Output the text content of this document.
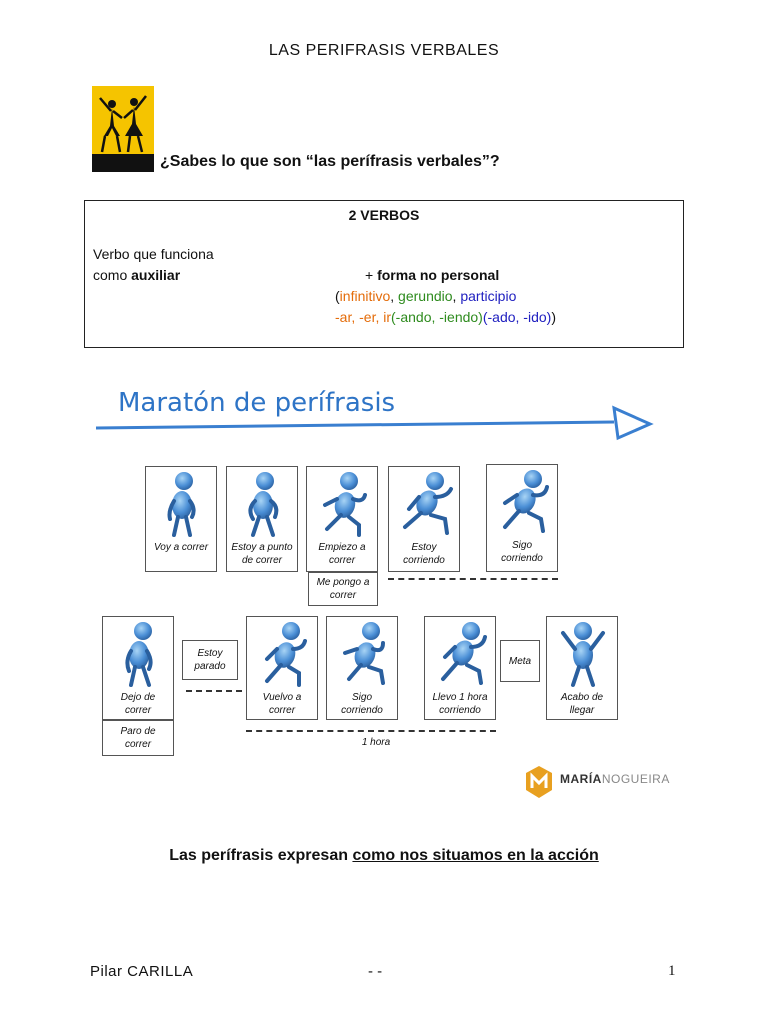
LAS PERIFRASIS VERBALES
¿Sabes lo que son “las perífrasis verbales”?
2 VERBOS
Verbo que funciona
como auxiliar	+ forma no personal
(infinitivo, gerundio, participio
-ar, -er, ir(-ando, -iendo)(-ado, -ido))
Maratón de perífrasis
Voy a correr	Estoy a punto
de correr
Empiezo a
correr
Estoy
corriendo
Sigo
corriendo
Me pongo a
correr
Dejo de
correr
Paro de
correr
Estoy
parado
Vuelvo a
correr
Sigo
corriendo
Llevo 1 hora
corriendo
Meta
Acabo de
llegar
1 hora
MARÍANOGUEIRA
Las perífrasis expresan como nos situamos en la acción
Pilar CARILLA	- -	1
